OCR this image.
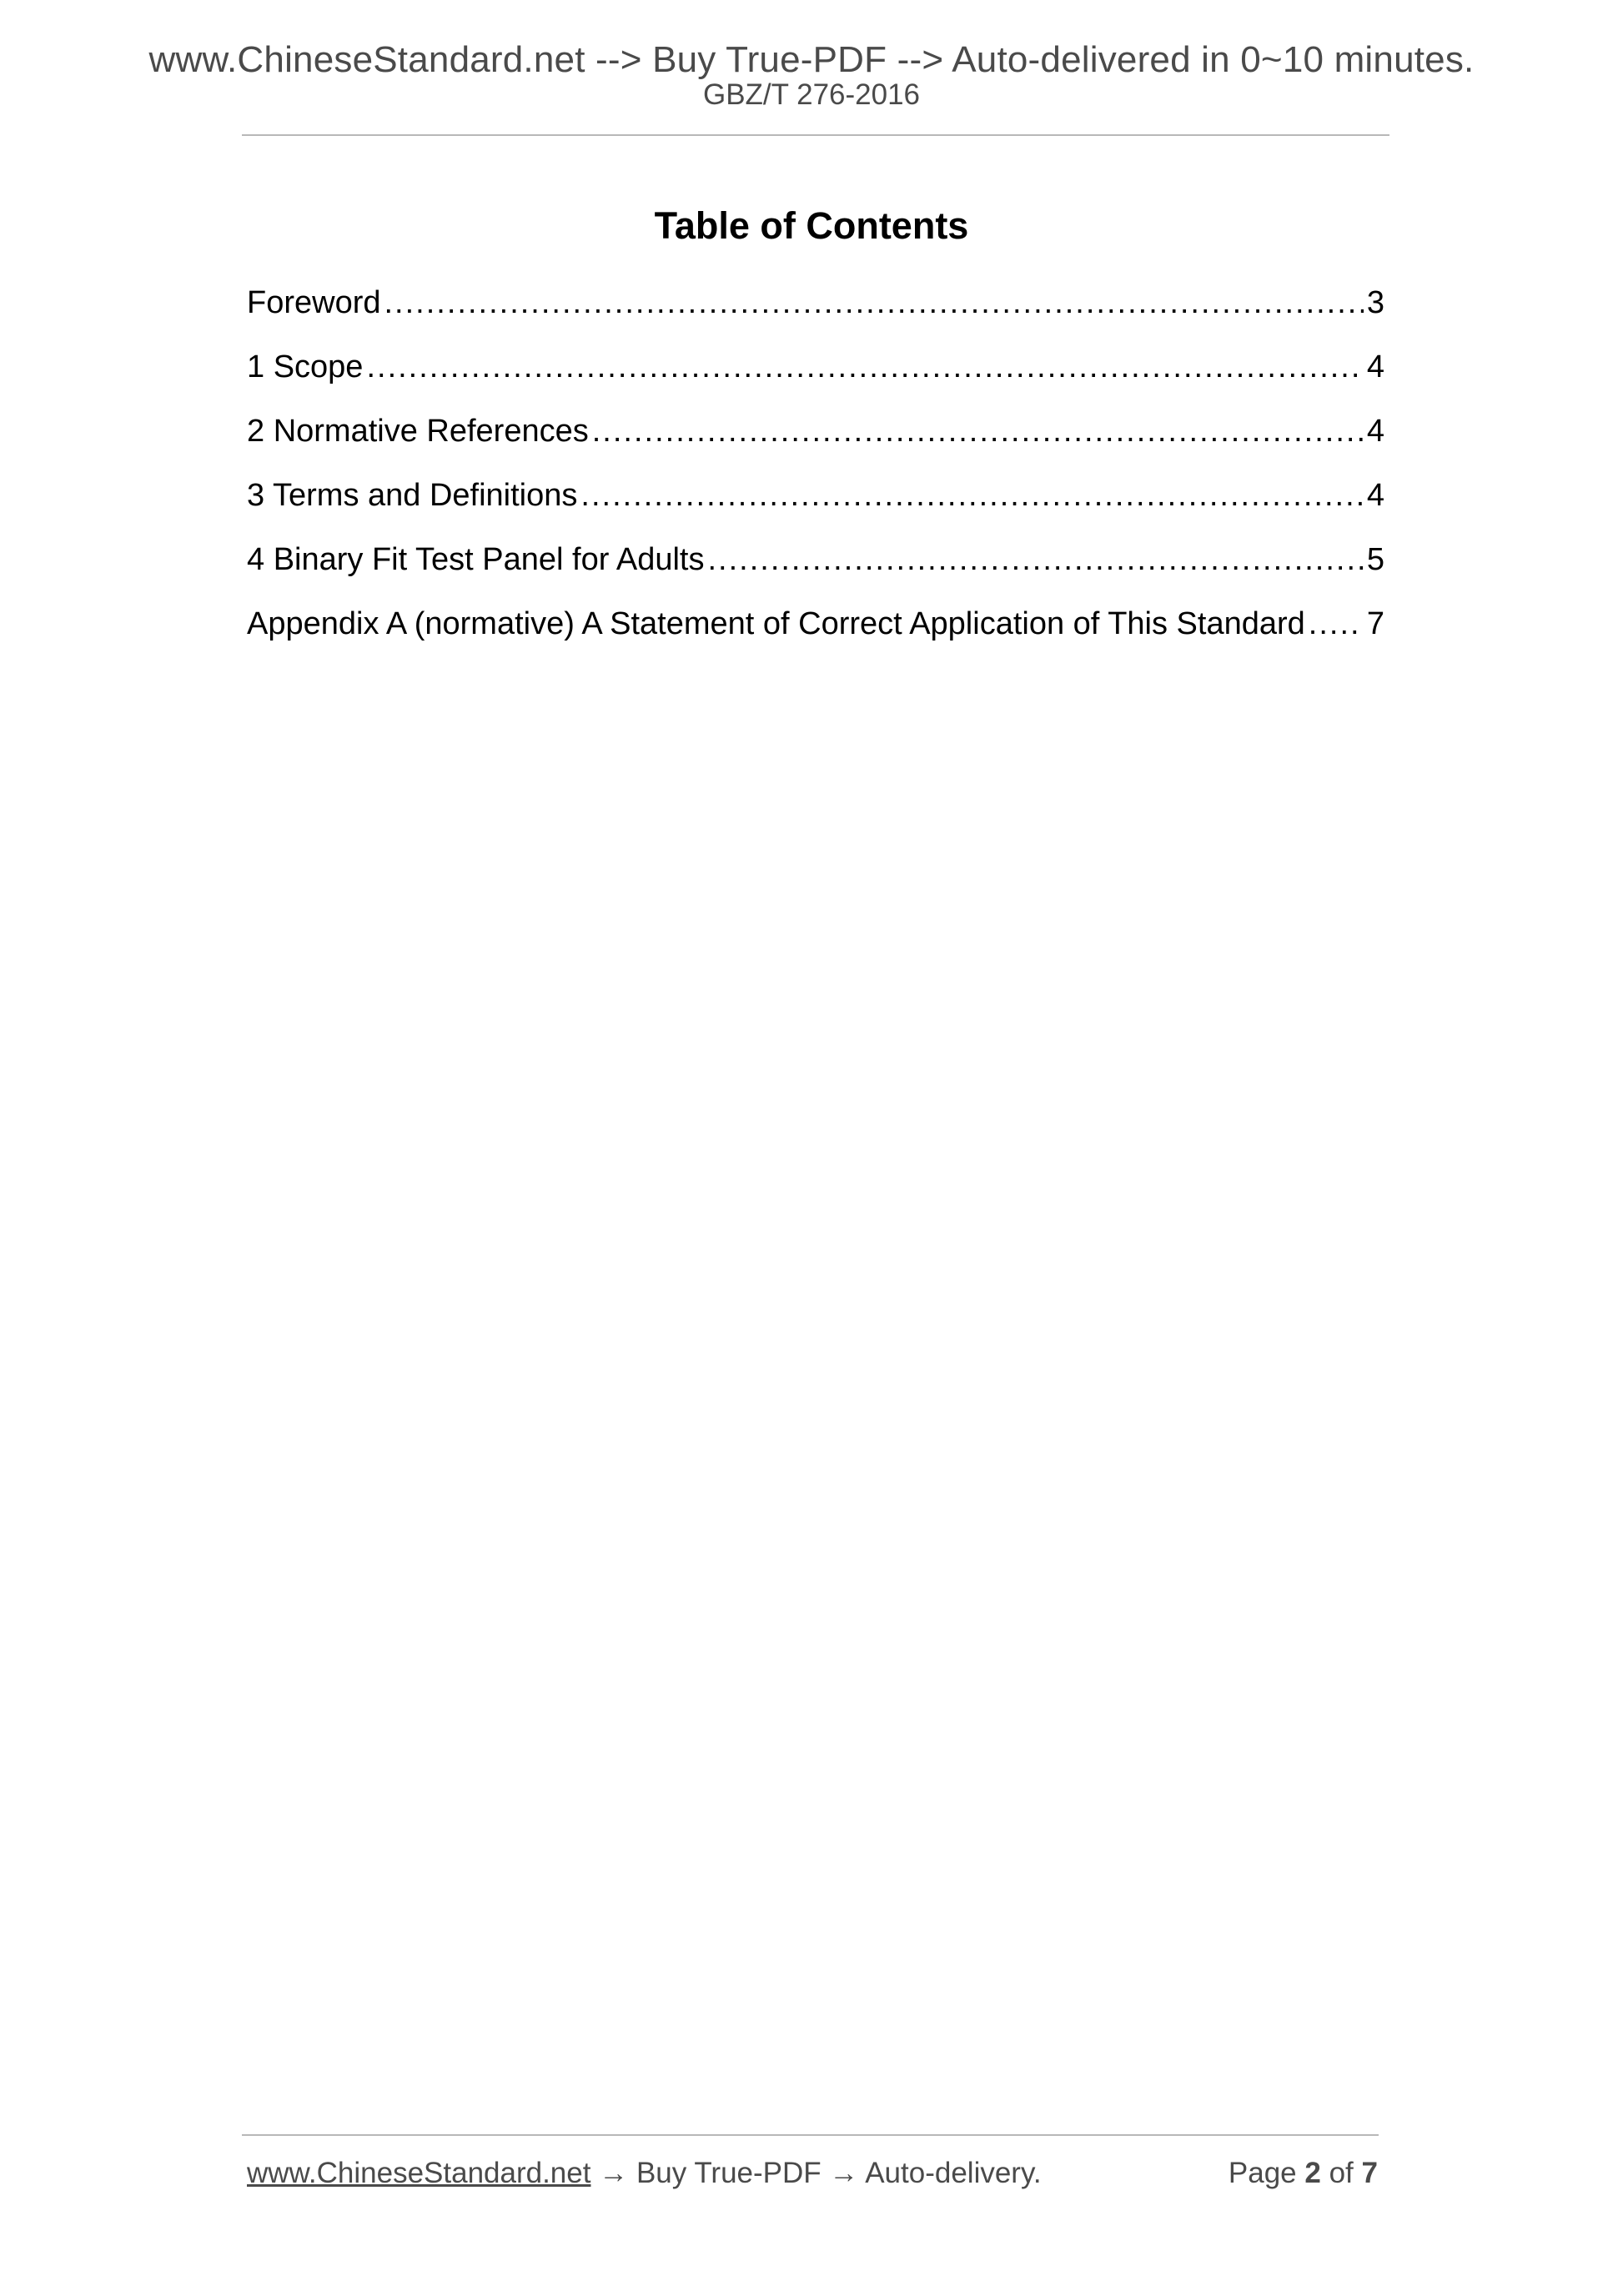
www.ChineseStandard.net --> Buy True-PDF --> Auto-delivered in 0~10 minutes.
GBZ/T 276-2016
Table of Contents
Foreword .....	3
1 Scope .....	4
2 Normative References .....	4
3 Terms and Definitions .....	4
4 Binary Fit Test Panel for Adults .....	5
Appendix A (normative) A Statement of Correct Application of This Standard ..... 7
www.ChineseStandard.net → Buy True-PDF → Auto-delivery.	Page 2 of 7
